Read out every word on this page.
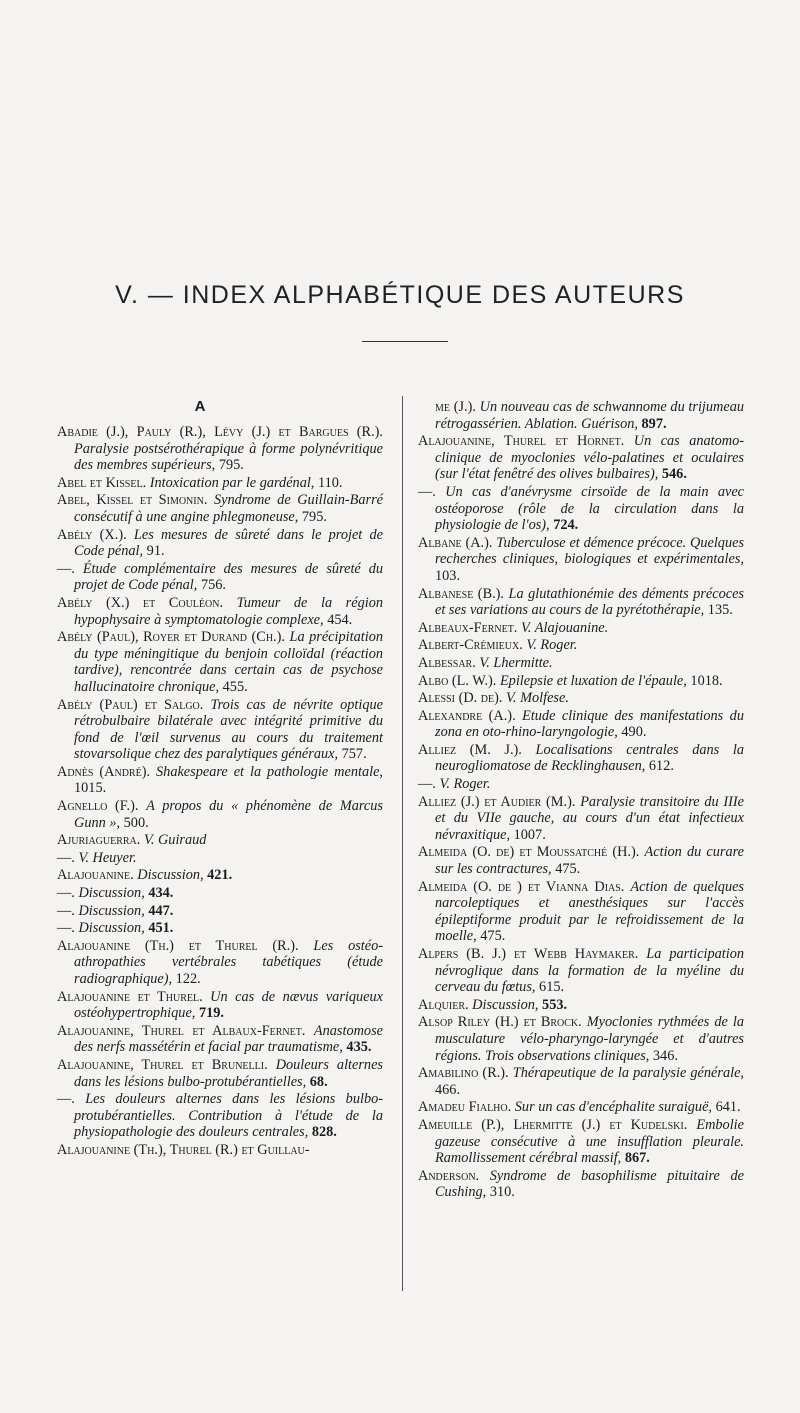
V. — INDEX ALPHABÉTIQUE DES AUTEURS
A

Abadie (J.), Pauly (R.), Lévy (J.) et Bargues (R.). Paralysie postsérothérapique à forme polynévritique des membres supérieurs, 795.

Abel et Kissel. Intoxication par le gardénal, 110.

Abel, Kissel et Simonin. Syndrome de Guillain-Barré consécutif à une angine phlegmoneuse, 795.

Abély (X.). Les mesures de sûreté dans le projet de Code pénal, 91.

—. Étude complémentaire des mesures de sûreté du projet de Code pénal, 756.

Abély (X.) et Couléon. Tumeur de la région hypophysaire à symptomatologie complexe, 454.

Abély (Paul), Royer et Durand (Ch.). La précipitation du type méningitique du benjoin colloïdal (réaction tardive), rencontrée dans certain cas de psychose hallucinatoire chronique, 455.

Abély (Paul) et Salgo. Trois cas de névrite optique rétrobulbaire bilatérale avec intégrité primitive du fond de l'œil survenus au cours du traitement stovarsolique chez des paralytiques généraux, 757.

Adnès (André). Shakespeare et la pathologie mentale, 1015.

Agnello (F.). A propos du « phénomène de Marcus Gunn », 500.

Ajuriaguerra. V. Guiraud

—. V. Heuyer.

Alajouanine. Discussion, 421.

—. Discussion, 434.

—. Discussion, 447.

—. Discussion, 451.

Alajouanine (Th.) et Thurel (R.). Les ostéo-athropathies vertébrales tabétiques (étude radiographique), 122.

Alajouanine et Thurel. Un cas de nævus variqueux ostéohypertrophique, 719.

Alajouanine, Thurel et Albaux-Fernet. Anastomose des nerfs massétérin et facial par traumatisme, 435.

Alajouanine, Thurel et Brunelli. Douleurs alternes dans les lésions bulbo-protubérantielles, 68.

—. Les douleurs alternes dans les lésions bulbo-protubérantielles. Contribution à l'étude de la physiopathologie des douleurs centrales, 828.

Alajouanine (Th.), Thurel (R.) et Guillau-

me (J.). Un nouveau cas de schwannome du trijumeau rétrogassérien. Ablation. Guérison, 897.

Alajouanine, Thurel et Hornet. Un cas anatomo-clinique de myoclonies vélo-palatines et oculaires (sur l'état fenêtré des olives bulbaires), 546.

—. Un cas d'anévrysme cirsoïde de la main avec ostéoporose (rôle de la circulation dans la physiologie de l'os), 724.

Albane (A.). Tuberculose et démence précoce. Quelques recherches cliniques, biologiques et expérimentales, 103.

Albanese (B.). La glutathionémie des déments précoces et ses variations au cours de la pyrétothérapie, 135.

Albeaux-Fernet. V. Alajouanine.

Albert-Crémieux. V. Roger.

Albessar. V. Lhermitte.

Albo (L. W.). Epilepsie et luxation de l'épaule, 1018.

Alessi (D. de). V. Molfese.

Alexandre (A.). Etude clinique des manifestations du zona en oto-rhino-laryngologie, 490.

Alliez (M. J.). Localisations centrales dans la neurogliomatose de Recklinghausen, 612.

—. V. Roger.

Alliez (J.) et Audier (M.). Paralysie transitoire du IIIe et du VIIe gauche, au cours d'un état infectieux névraxitique, 1007.

Almeida (O. de) et Moussatché (H.). Action du curare sur les contractures, 475.

Almeida (O. de ) et Vianna Dias. Action de quelques narcoleptiques et anesthésiques sur l'accès épileptiforme produit par le refroidissement de la moelle, 475.

Alpers (B. J.) et Webb Haymaker. La participation névroglique dans la formation de la myéline du cerveau du fœtus, 615.

Alquier. Discussion, 553.

Alsop Riley (H.) et Brock. Myoclonies rythmées de la musculature vélo-pharyngo-laryngée et d'autres régions. Trois observations cliniques, 346.

Amabilino (R.). Thérapeutique de la paralysie générale, 466.

Amadeu Fialho. Sur un cas d'encéphalite suraiguë, 641.

Ameuille (P.), Lhermitte (J.) et Kudelski. Embolie gazeuse consécutive à une insufflation pleurale. Ramollissement cérébral massif, 867.

Anderson. Syndrome de basophilisme pituitaire de Cushing, 310.
